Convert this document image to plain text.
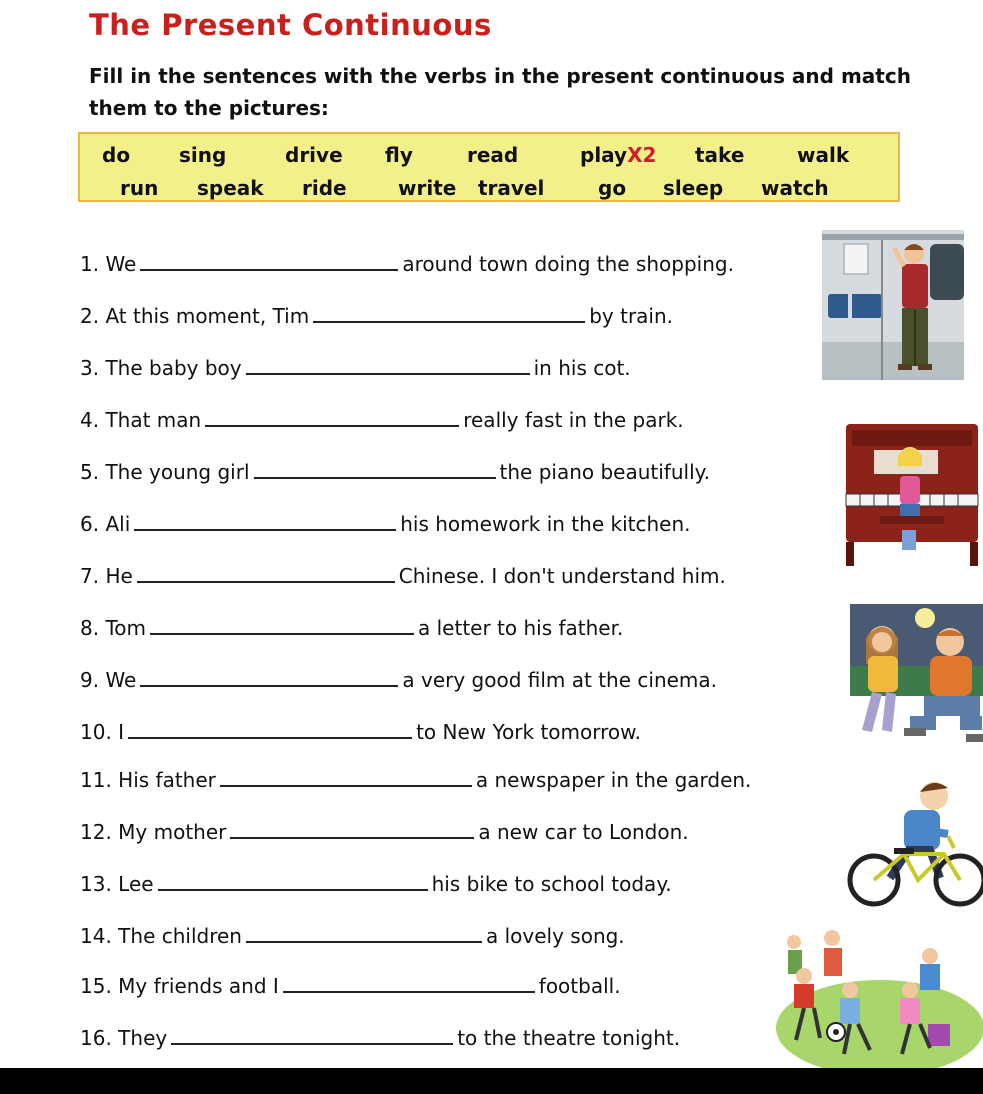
The Present Continuous
Fill in the sentences with the verbs in the present continuous and match them to the pictures:
do sing	drive fly	read	playX2 take	walk
run speak ride	write travel	go sleep watch
1. We	around town doing the shopping.
2. At this moment, Tim	by train.
3. The baby boy	in his cot.
4. That man	really fast in the park.
5. The young girl	the piano beautifully.
6. Ali	his homework in the kitchen.
7. He	Chinese. I don't understand him.
8. Tom	a letter to his father.
9. We	a very good film at the cinema.
10. I	to New York tomorrow.
11. His father	a newspaper in the garden.
12. My mother	a new car to London.
13. Lee	his bike to school today.
14. The children	a lovely song.
15. My friends and I	football.
16. They	to the theatre tonight.
